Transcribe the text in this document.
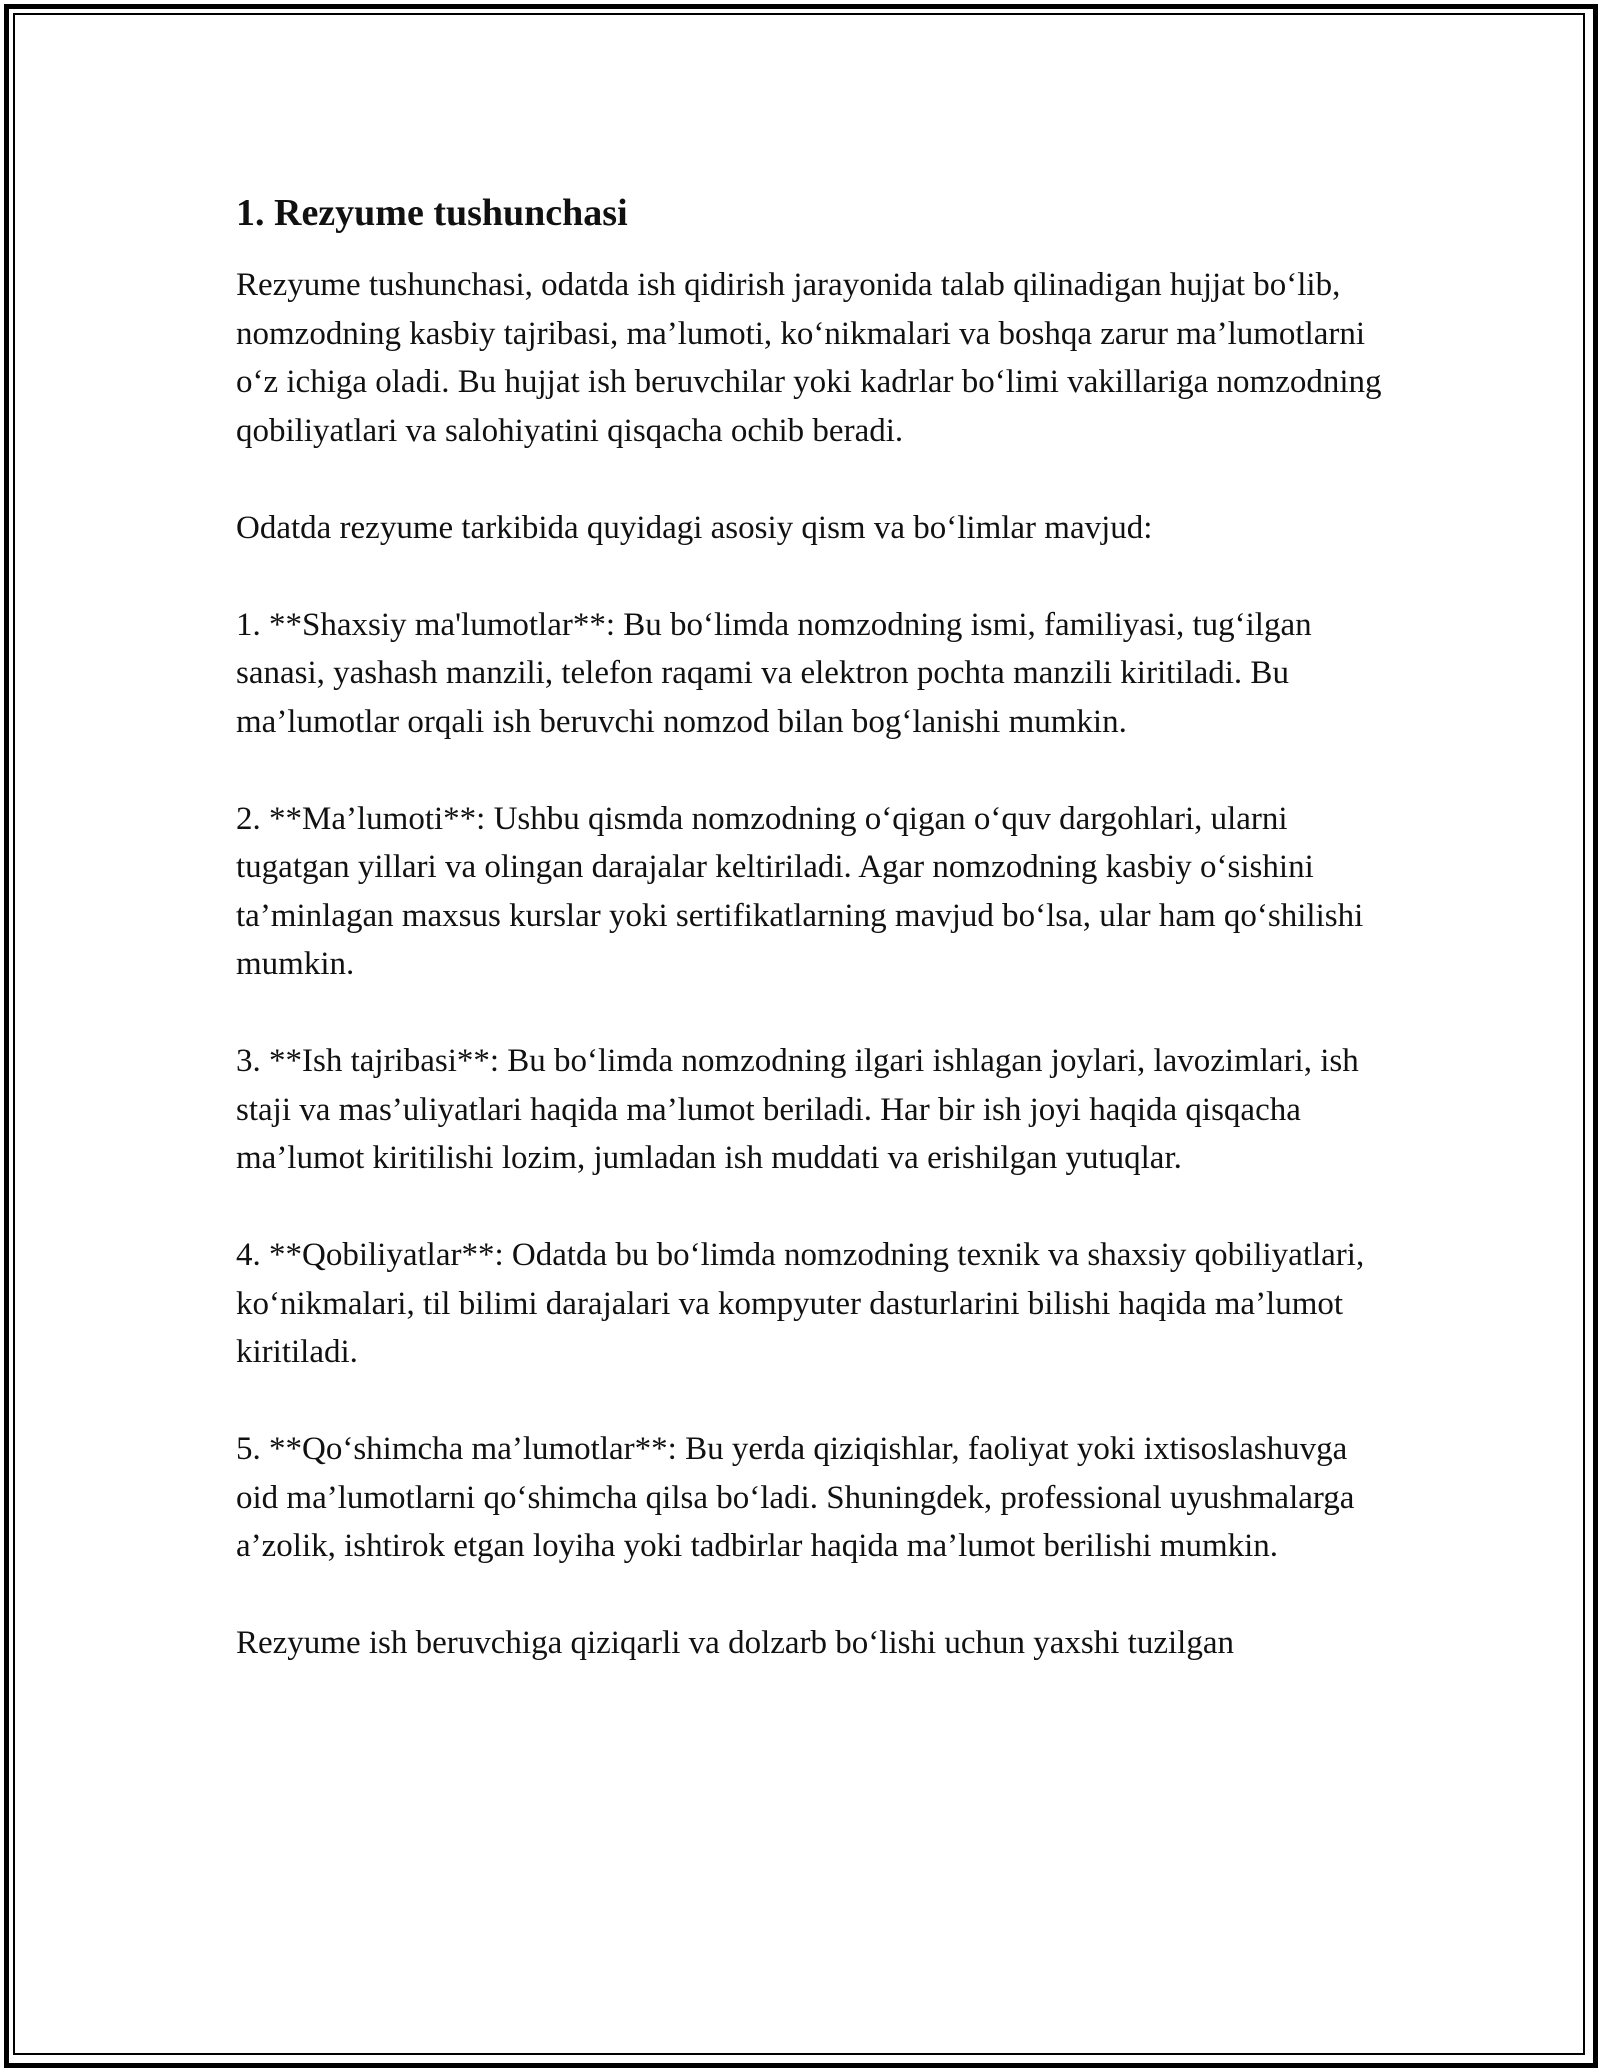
1. Rezyume tushunchasi

Rezyume tushunchasi, odatda ish qidirish jarayonida talab qilinadigan hujjat bo‘lib, nomzodning kasbiy tajribasi, ma’lumoti, ko‘nikmalari va boshqa zarur ma’lumotlarni o‘z ichiga oladi. Bu hujjat ish beruvchilar yoki kadrlar bo‘limi vakillariga nomzodning qobiliyatlari va salohiyatini qisqacha ochib beradi.

Odatda rezyume tarkibida quyidagi asosiy qism va bo‘limlar mavjud:

1. **Shaxsiy ma'lumotlar**: Bu bo‘limda nomzodning ismi, familiyasi, tug‘ilgan sanasi, yashash manzili, telefon raqami va elektron pochta manzili kiritiladi. Bu ma’lumotlar orqali ish beruvchi nomzod bilan bog‘lanishi mumkin.

2. **Ma’lumoti**: Ushbu qismda nomzodning o‘qigan o‘quv dargohlari, ularni tugatgan yillari va olingan darajalar keltiriladi. Agar nomzodning kasbiy o‘sishini ta’minlagan maxsus kurslar yoki sertifikatlarning mavjud bo‘lsa, ular ham qo‘shilishi mumkin.

3. **Ish tajribasi**: Bu bo‘limda nomzodning ilgari ishlagan joylari, lavozimlari, ish staji va mas’uliyatlari haqida ma’lumot beriladi. Har bir ish joyi haqida qisqacha ma’lumot kiritilishi lozim, jumladan ish muddati va erishilgan yutuqlar.

4. **Qobiliyatlar**: Odatda bu bo‘limda nomzodning texnik va shaxsiy qobiliyatlari, ko‘nikmalari, til bilimi darajalari va kompyuter dasturlarini bilishi haqida ma’lumot kiritiladi.

5. **Qo‘shimcha ma’lumotlar**: Bu yerda qiziqishlar, faoliyat yoki ixtisoslashuvga oid ma’lumotlarni qo‘shimcha qilsa bo‘ladi. Shuningdek, professional uyushmalarga a’zolik, ishtirok etgan loyiha yoki tadbirlar haqida ma’lumot berilishi mumkin.

Rezyume ish beruvchiga qiziqarli va dolzarb bo‘lishi uchun yaxshi tuzilgan
